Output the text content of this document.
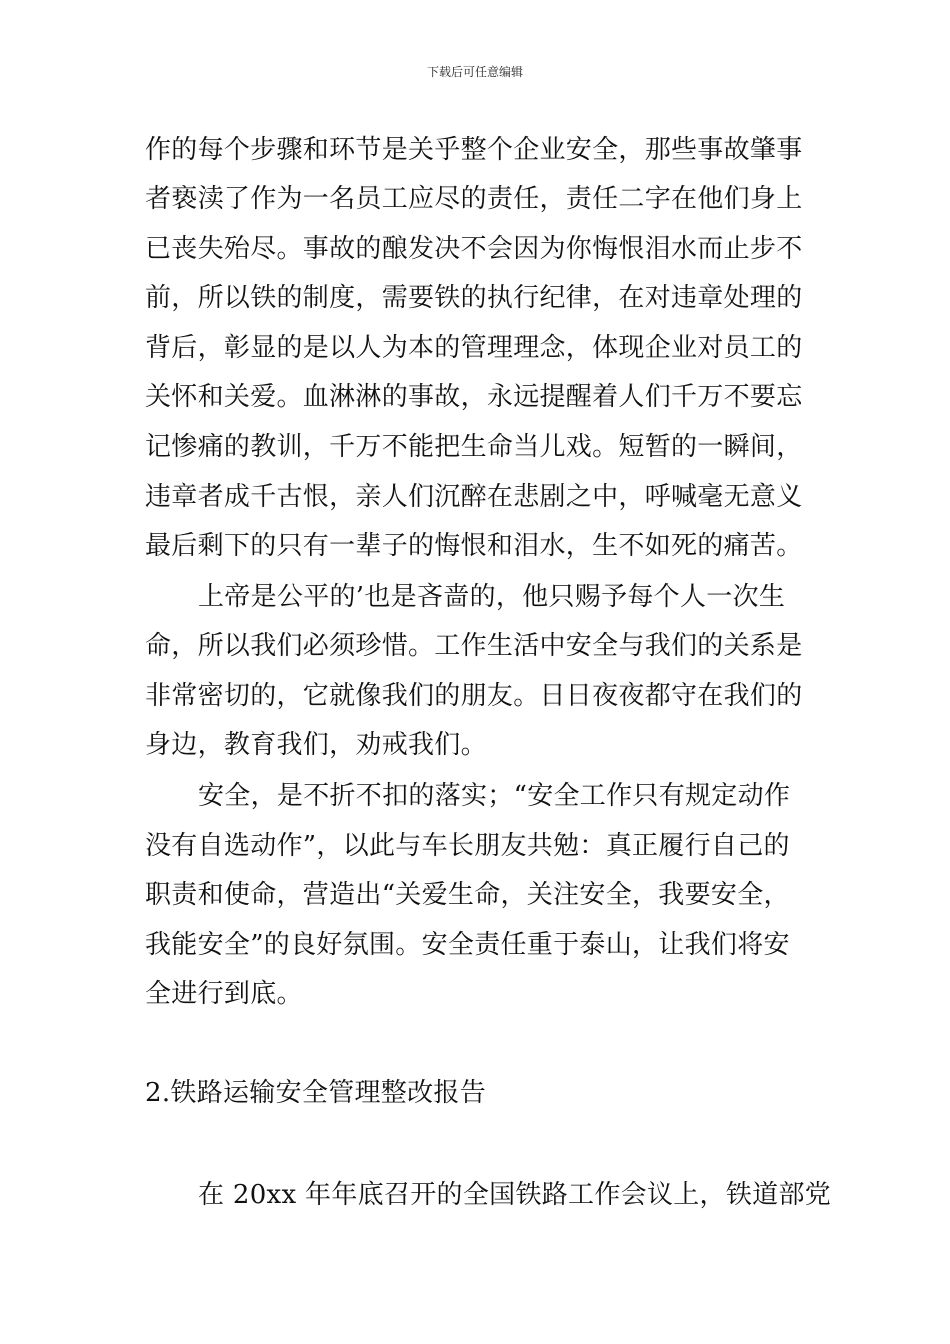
下载后可任意编辑
作的每个步骤和环节是关乎整个企业安全，那些事故肇事
者亵渎了作为一名员工应尽的责任，责任二字在他们身上
已丧失殆尽。事故的酿发决不会因为你悔恨泪水而止步不
前，所以铁的制度，需要铁的执行纪律，在对违章处理的
背后，彰显的是以人为本的管理理念，体现企业对员工的
关怀和关爱。血淋淋的事故，永远提醒着人们千万不要忘
记惨痛的教训，千万不能把生命当儿戏。短暂的一瞬间，
违章者成千古恨，亲人们沉醉在悲剧之中，呼喊毫无意义
最后剩下的只有一辈子的悔恨和泪水，生不如死的痛苦。
上帝是公平的’也是吝啬的，他只赐予每个人一次生
命，所以我们必须珍惜。工作生活中安全与我们的关系是
非常密切的，它就像我们的朋友。日日夜夜都守在我们的
身边，教育我们，劝戒我们。
安全，是不折不扣的落实；“安全工作只有规定动作
没有自选动作”，以此与车长朋友共勉：真正履行自己的
职责和使命，营造出“关爱生命，关注安全，我要安全，
我能安全”的良好氛围。安全责任重于泰山，让我们将安
全进行到底。
2.铁路运输安全管理整改报告
在 20xx 年年底召开的全国铁路工作会议上，铁道部党
